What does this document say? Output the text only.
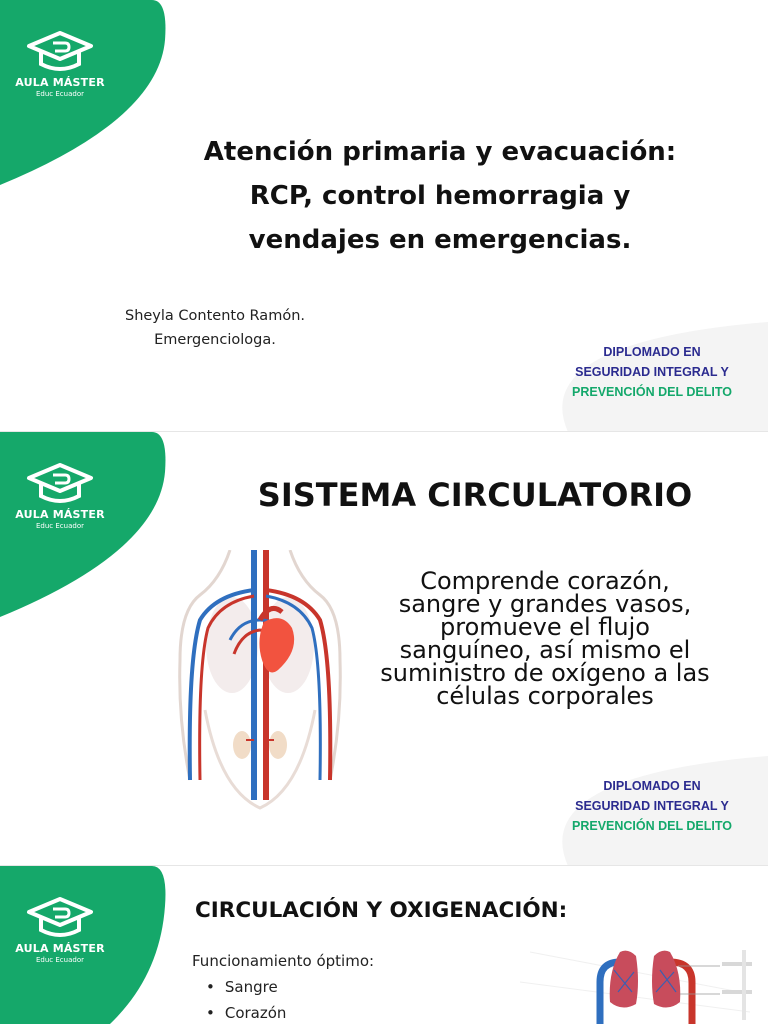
AULA MÁSTER
Educ Ecuador
Atención primaria y evacuación:
RCP, control hemorragia y
vendajes en emergencias.
Sheyla Contento Ramón.
Emergenciologa.
DIPLOMADO EN
SEGURIDAD INTEGRAL Y
PREVENCIÓN DEL DELITO
AULA MÁSTER
Educ Ecuador
SISTEMA CIRCULATORIO

Comprende corazón,
sangre y grandes vasos,
promueve el flujo
sanguíneo, así mismo el
suministro de oxígeno a las
células corporales

DIPLOMADO EN
SEGURIDAD INTEGRAL Y
PREVENCIÓN DEL DELITO
AULA MÁSTER
Educ Ecuador
CIRCULACIÓN Y OXIGENACIÓN:
Funcionamiento óptimo:
• Sangre
• Corazón
